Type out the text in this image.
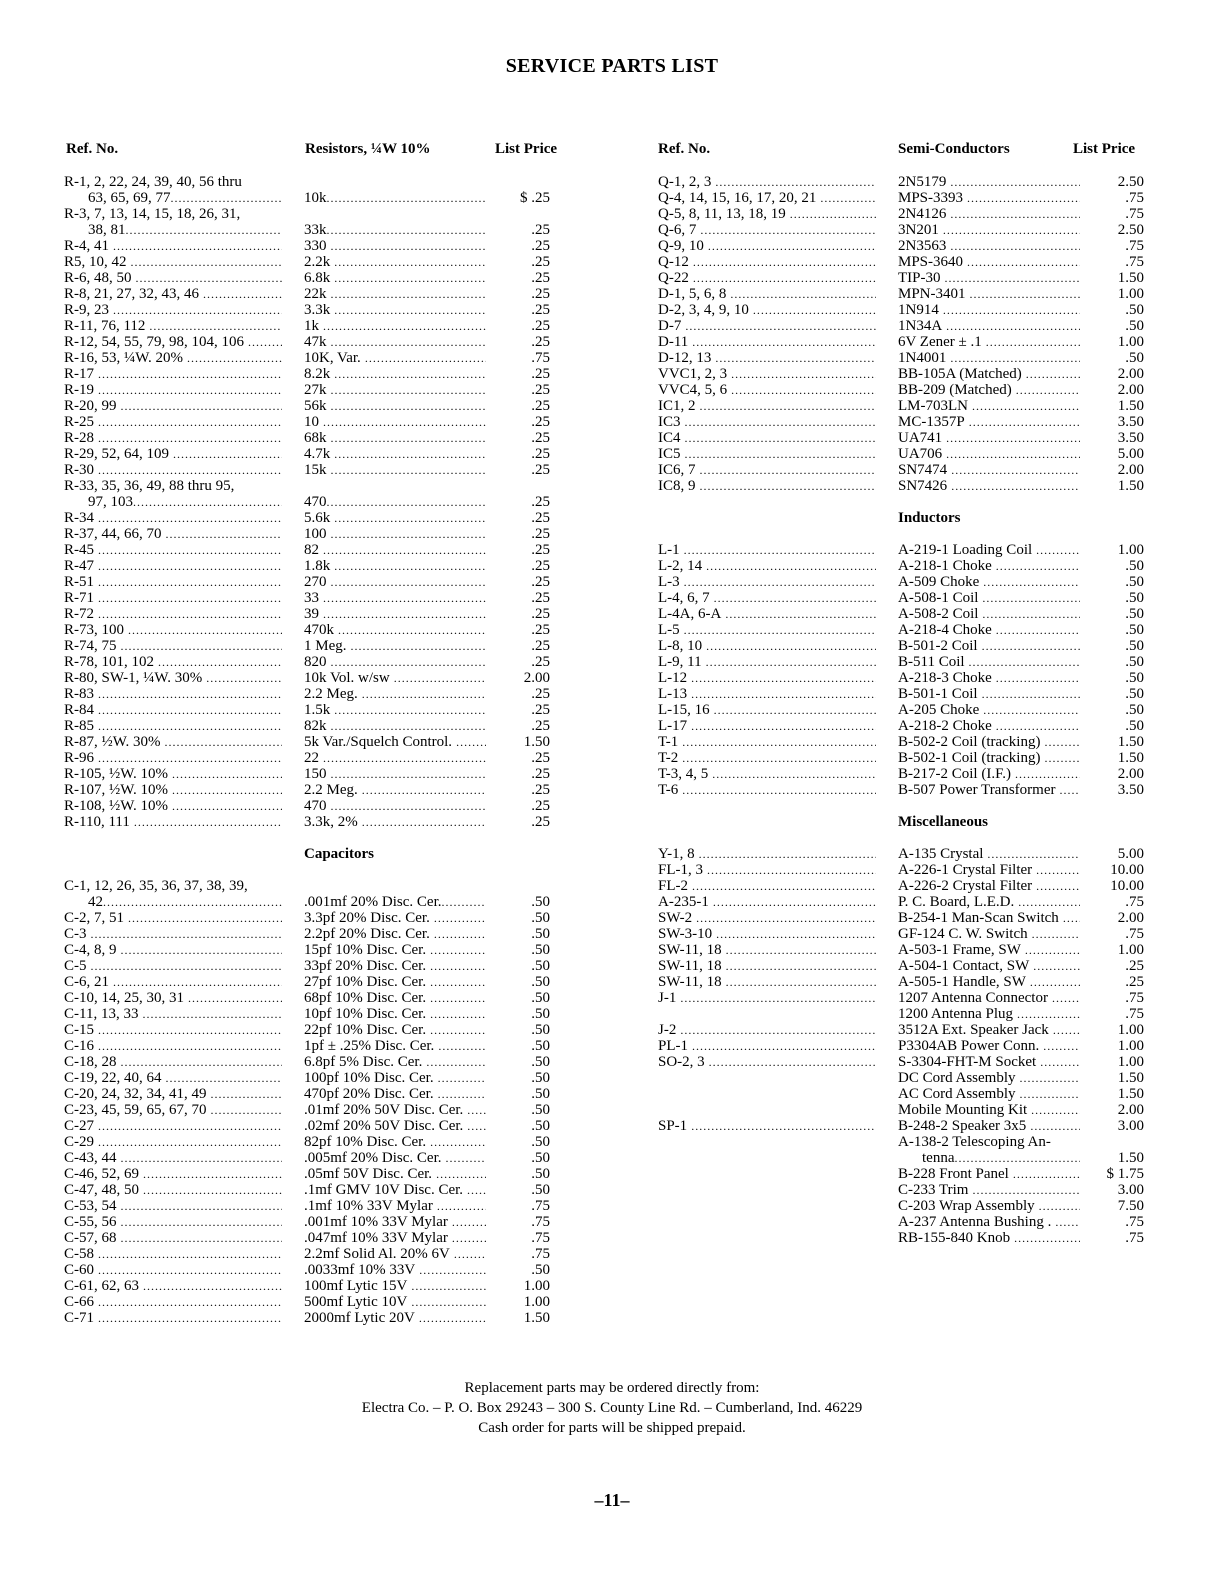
SERVICE PARTS LIST
Ref. No.	Resistors, ¼W 10%	List Price	Ref. No.	Semi-Conductors	List Price
R-1, 2, 22, 24, 39, 40, 56 thru
63, 65, 69, 77 .....	10k .....	$ .25
R-3, 7, 13, 14, 15, 18, 26, 31,
38, 81 .....	33k .....	.25
R-4, 41 .....	330 .....	.25
R5, 10, 42 .....	2.2k .....	.25
R-6, 48, 50 .....	6.8k .....	.25
R-8, 21, 27, 32, 43, 46 .....	22k .....	.25
R-9, 23 .....	3.3k .....	.25
R-11, 76, 112 .....	1k .....	.25
R-12, 54, 55, 79, 98, 104, 106 .....	47k .....	.25
R-16, 53, ¼W. 20% .....	10K, Var. .....	.75
R-17 .....	8.2k .....	.25
R-19 .....	27k .....	.25
R-20, 99 .....	56k .....	.25
R-25 .....	10 .....	.25
R-28 .....	68k .....	.25
R-29, 52, 64, 109 .....	4.7k .....	.25
R-30 .....	15k .....	.25
R-33, 35, 36, 49, 88 thru 95,
97, 103 .....	470 .....	.25
R-34 .....	5.6k .....	.25
R-37, 44, 66, 70 .....	100 .....	.25
R-45 .....	82 .....	.25
R-47 .....	1.8k .....	.25
R-51 .....	270 .....	.25
R-71 .....	33 .....	.25
R-72 .....	39 .....	.25
R-73, 100 .....	470k .....	.25
R-74, 75 .....	1 Meg. .....	.25
R-78, 101, 102 .....	820 .....	.25
R-80, SW-1, ¼W. 30% .....	10k Vol. w/sw .....	2.00
R-83 .....	2.2 Meg. .....	.25
R-84 .....	1.5k .....	.25
R-85 .....	82k .....	.25
R-87, ½W. 30% .....	5k Var./Squelch Control. .....	1.50
R-96 .....	22 .....	.25
R-105, ½W. 10% .....	150 .....	.25
R-107, ½W. 10% .....	2.2 Meg. .....	.25
R-108, ½W. 10% .....	470 .....	.25
R-110, 111 .....	3.3k, 2% .....	.25
Capacitors
C-1, 12, 26, 35, 36, 37, 38, 39,
42 .....	.001mf 20% Disc. Cer. .....	.50
C-2, 7, 51 .....	3.3pf 20% Disc. Cer. .....	.50
C-3 .....	2.2pf 20% Disc. Cer. .....	.50
C-4, 8, 9 .....	15pf 10% Disc. Cer. .....	.50
C-5 .....	33pf 20% Disc. Cer. .....	.50
C-6, 21 .....	27pf 10% Disc. Cer. .....	.50
C-10, 14, 25, 30, 31 .....	68pf 10% Disc. Cer. .....	.50
C-11, 13, 33 .....	10pf 10% Disc. Cer. .....	.50
C-15 .....	22pf 10% Disc. Cer. .....	.50
C-16 .....	1pf ± .25% Disc. Cer. .....	.50
C-18, 28 .....	6.8pf 5% Disc. Cer. .....	.50
C-19, 22, 40, 64 .....	100pf 10% Disc. Cer. .....	.50
C-20, 24, 32, 34, 41, 49 .....	470pf 20% Disc. Cer. .....	.50
C-23, 45, 59, 65, 67, 70 .....	.01mf 20% 50V Disc. Cer. .....	.50
C-27 .....	.02mf 20% 50V Disc. Cer. .....	.50
C-29 .....	82pf 10% Disc. Cer. .....	.50
C-43, 44 .....	.005mf 20% Disc. Cer. .....	.50
C-46, 52, 69 .....	.05mf 50V Disc. Cer. .....	.50
C-47, 48, 50 .....	.1mf GMV 10V Disc. Cer. .....	.50
C-53, 54 .....	.1mf 10% 33V Mylar .....	.75
C-55, 56 .....	.001mf 10% 33V Mylar .....	.75
C-57, 68 .....	.047mf 10% 33V Mylar .....	.75
C-58 .....	2.2mf Solid Al. 20% 6V .....	.75
C-60 .....	.0033mf 10% 33V .....	.50
C-61, 62, 63 .....	100mf Lytic 15V .....	1.00
C-66 .....	500mf Lytic 10V .....	1.00
C-71 .....	2000mf Lytic 20V .....	1.50
Q-1, 2, 3 .....	2N5179 .....	2.50
Q-4, 14, 15, 16, 17, 20, 21 .....	MPS-3393 .....	.75
Q-5, 8, 11, 13, 18, 19 .....	2N4126 .....	.75
Q-6, 7 .....	3N201 .....	2.50
Q-9, 10 .....	2N3563 .....	.75
Q-12 .....	MPS-3640 .....	.75
Q-22 .....	TIP-30 .....	1.50
D-1, 5, 6, 8 .....	MPN-3401 .....	1.00
D-2, 3, 4, 9, 10 .....	1N914 .....	.50
D-7 .....	1N34A .....	.50
D-11 .....	6V Zener ± .1 .....	1.00
D-12, 13 .....	1N4001 .....	.50
VVC1, 2, 3 .....	BB-105A (Matched) .....	2.00
VVC4, 5, 6 .....	BB-209 (Matched) .....	2.00
IC1, 2 .....	LM-703LN .....	1.50
IC3 .....	MC-1357P .....	3.50
IC4 .....	UA741 .....	3.50
IC5 .....	UA706 .....	5.00
IC6, 7 .....	SN7474 .....	2.00
IC8, 9 .....	SN7426 .....	1.50
Inductors
L-1 .....	A-219-1 Loading Coil .....	1.00
L-2, 14 .....	A-218-1 Choke .....	.50
L-3 .....	A-509 Choke .....	.50
L-4, 6, 7 .....	A-508-1 Coil .....	.50
L-4A, 6-A .....	A-508-2 Coil .....	.50
L-5 .....	A-218-4 Choke .....	.50
L-8, 10 .....	B-501-2 Coil .....	.50
L-9, 11 .....	B-511 Coil .....	.50
L-12 .....	A-218-3 Choke .....	.50
L-13 .....	B-501-1 Coil .....	.50
L-15, 16 .....	A-205 Choke .....	.50
L-17 .....	A-218-2 Choke .....	.50
T-1 .....	B-502-2 Coil (tracking) .....	1.50
T-2 .....	B-502-1 Coil (tracking) .....	1.50
T-3, 4, 5 .....	B-217-2 Coil (I.F.) .....	2.00
T-6 .....	B-507 Power Transformer .....	3.50
Miscellaneous
Y-1, 8 .....	A-135 Crystal .....	5.00
FL-1, 3 .....	A-226-1 Crystal Filter .....	10.00
FL-2 .....	A-226-2 Crystal Filter .....	10.00
A-235-1 .....	P. C. Board, L.E.D. .....	.75
SW-2 .....	B-254-1 Man-Scan Switch .....	2.00
SW-3-10 .....	GF-124 C. W. Switch .....	.75
SW-11, 18 .....	A-503-1 Frame, SW .....	1.00
SW-11, 18 .....	A-504-1 Contact, SW .....	.25
SW-11, 18 .....	A-505-1 Handle, SW .....	.25
J-1 .....	1207 Antenna Connector .....	.75
1200 Antenna Plug .....	.75
J-2 .....	3512A Ext. Speaker Jack .....	1.00
PL-1 .....	P3304AB Power Conn. .....	1.00
SO-2, 3 .....	S-3304-FHT-M Socket .....	1.00
DC Cord Assembly .....	1.50
AC Cord Assembly .....	1.50
Mobile Mounting Kit .....	2.00
SP-1 .....	B-248-2 Speaker 3x5 .....	3.00
A-138-2 Telescoping An-
tenna .....	1.50
B-228 Front Panel .....	$ 1.75
C-233 Trim .....	3.00
C-203 Wrap Assembly .....	7.50
A-237 Antenna Bushing . .....	.75
RB-155-840 Knob .....	.75
Replacement parts may be ordered directly from:
Electra Co. – P. O. Box 29243 – 300 S. County Line Rd. – Cumberland, Ind. 46229
Cash order for parts will be shipped prepaid.
–11–
